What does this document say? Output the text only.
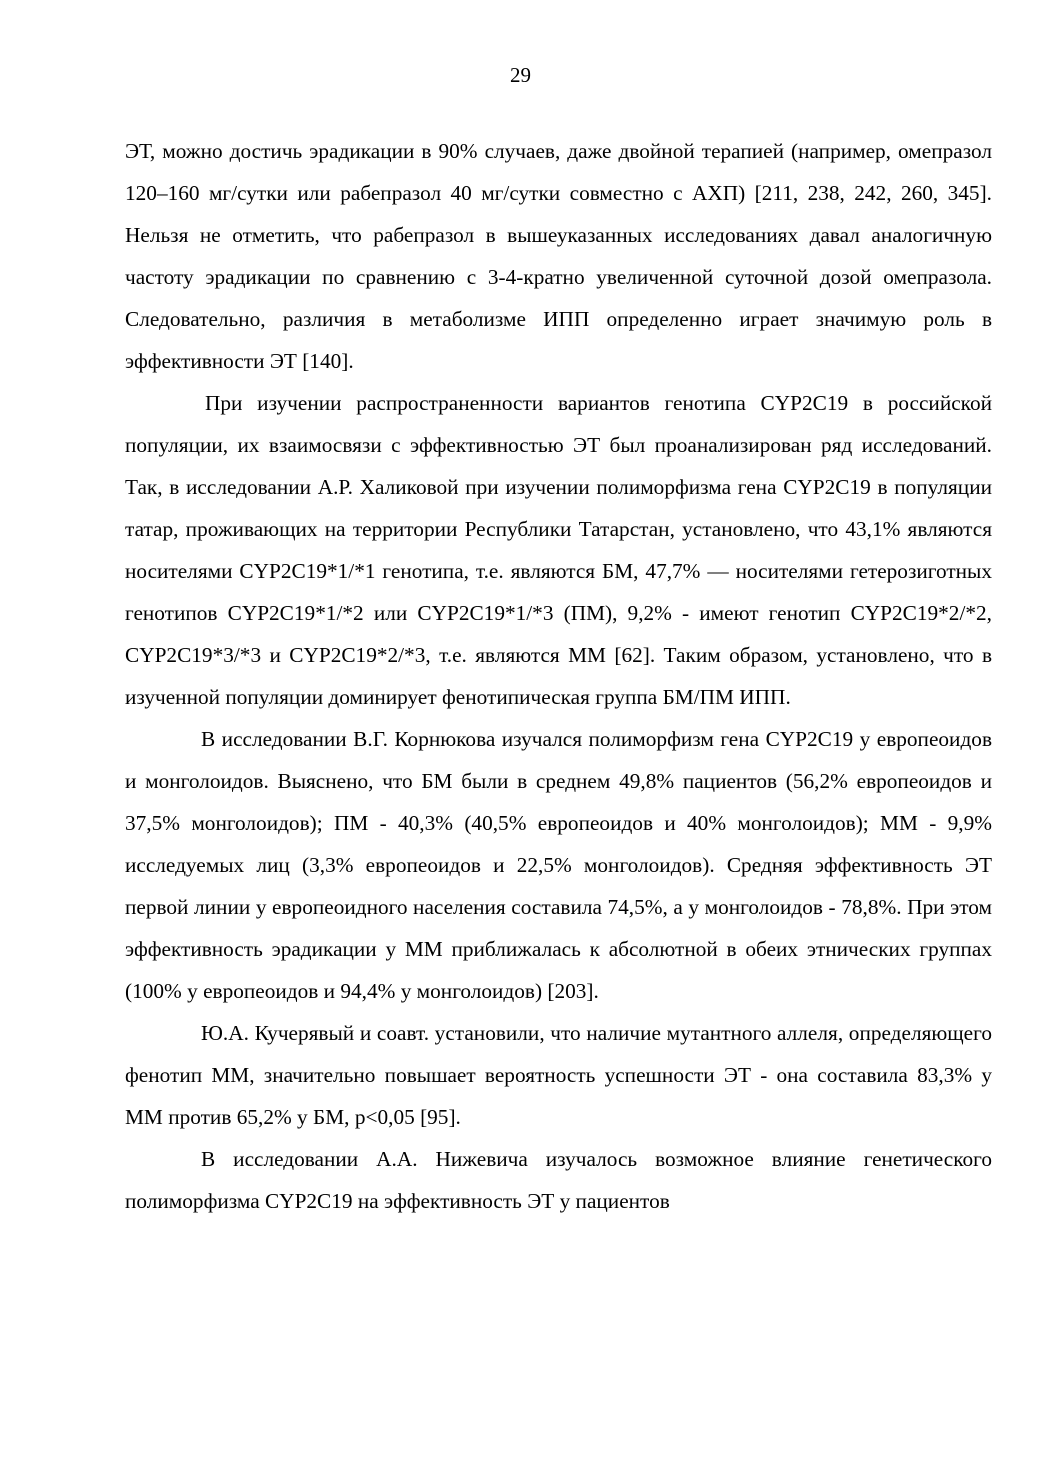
29

ЭТ, можно достичь эрадикации в 90% случаев, даже двойной терапией (например, омепразол 120–160 мг/сутки или рабепразол 40 мг/сутки совместно с АХП) [211, 238, 242, 260, 345]. Нельзя не отметить, что рабепразол в вышеуказанных исследованиях давал аналогичную частоту эрадикации по сравнению с 3-4-кратно увеличенной суточной дозой омепразола. Следовательно, различия в метаболизме ИПП определенно играет значимую роль в эффективности ЭТ [140].

При изучении распространенности вариантов генотипа CYP2C19 в российской популяции, их взаимосвязи с эффективностью ЭТ был проанализирован ряд исследований. Так, в исследовании А.Р. Халиковой при изучении полиморфизма гена CYP2C19 в популяции татар, проживающих на территории Республики Татарстан, установлено, что 43,1% являются носителями CYP2C19*1/*1 генотипа, т.е. являются БМ, 47,7% — носителями гетерозиготных генотипов CYP2C19*1/*2 или CYP2C19*1/*3 (ПМ), 9,2% - имеют генотип CYP2C19*2/*2, CYP2C19*3/*3 и CYP2C19*2/*3, т.е. являются ММ [62]. Таким образом, установлено, что в изученной популяции доминирует фенотипическая группа БМ/ПМ ИПП.

В исследовании В.Г. Корнюкова изучался полиморфизм гена CYP2C19 у европеоидов и монголоидов. Выяснено, что БМ были в среднем 49,8% пациентов (56,2% европеоидов и 37,5% монголоидов); ПМ - 40,3% (40,5% европеоидов и 40% монголоидов); ММ - 9,9% исследуемых лиц (3,3% европеоидов и 22,5% монголоидов). Средняя эффективность ЭТ первой линии у европеоидного населения составила 74,5%, а у монголоидов - 78,8%. При этом эффективность эрадикации у ММ приближалась к абсолютной в обеих этнических группах (100% у европеоидов и 94,4% у монголоидов) [203].

Ю.А. Кучерявый и соавт. установили, что наличие мутантного аллеля, определяющего фенотип ММ, значительно повышает вероятность успешности ЭТ - она составила 83,3% у ММ против 65,2% у БМ, p<0,05 [95].

В исследовании А.А. Нижевича изучалось возможное влияние генетического полиморфизма CYP2C19 на эффективность ЭТ у пациентов
